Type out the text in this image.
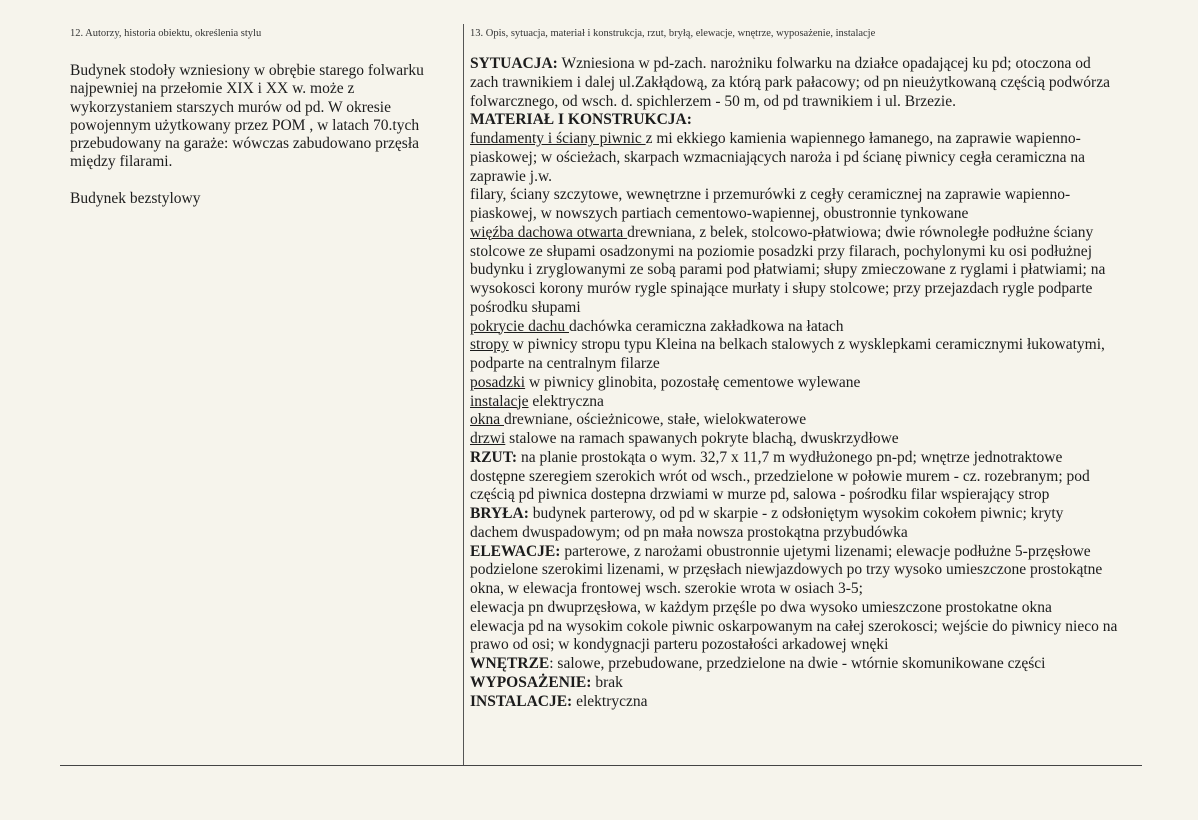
12. Autorzy, historia obiektu, określenia stylu	13. Opis, sytuacja, materiał i konstrukcja, rzut, bryłą, elewacje, wnętrze, wyposażenie, instalacje
Budynek stodoły wzniesiony w obrębie starego folwarku
najpewniej na przełomie XIX i XX w. może z
wykorzystaniem starszych murów od pd. W okresie
powojennym użytkowany przez POM , w latach 70.tych
przebudowany na garaże: wówczas zabudowano przęsła
między filarami.
Budynek bezstylowy
SYTUACJA: Wzniesiona w pd-zach. narożniku folwarku na działce opadającej ku pd; otoczona od
zach trawnikiem i dalej ul.Zakłądową, za którą park pałacowy; od pn nieużytkowaną częścią podwórza
folwarcznego, od wsch. d. spichlerzem - 50 m, od pd trawnikiem i ul. Brzezie.
MATERIAŁ I KONSTRUKCJA:
fundamenty i ściany piwnic z mi ekkiego kamienia wapiennego łamanego, na zaprawie wapienno-
piaskowej; w ościeżach, skarpach wzmacniających naroża i pd ścianę piwnicy cegła ceramiczna na
zaprawie j.w.
filary, ściany szczytowe, wewnętrzne i przemurówki z cegły ceramicznej na zaprawie wapienno-
piaskowej, w nowszych partiach cementowo-wapiennej, obustronnie tynkowane
więźba dachowa otwarta drewniana, z belek, stolcowo-płatwiowa; dwie równoległe podłużne ściany
stolcowe ze słupami osadzonymi na poziomie posadzki przy filarach, pochylonymi ku osi podłużnej
budynku i zryglowanymi ze sobą parami pod płatwiami; słupy zmieczowane z ryglami i płatwiami; na
wysokosci korony murów rygle spinające murłaty i słupy stolcowe; przy przejazdach rygle podparte
pośrodku słupami
pokrycie dachu dachówka ceramiczna zakładkowa na łatach
stropy w piwnicy stropu typu Kleina na belkach stalowych z wysklepkami ceramicznymi łukowatymi,
podparte na centralnym filarze
posadzki w piwnicy glinobita, pozostałę cementowe wylewane
instalacje elektryczna
okna drewniane, ościeżnicowe, stałe, wielokwaterowe
drzwi stalowe na ramach spawanych pokryte blachą, dwuskrzydłowe
RZUT: na planie prostokąta o wym. 32,7 x 11,7 m wydłużonego pn-pd; wnętrze jednotraktowe
dostępne szeregiem szerokich wrót od wsch., przedzielone w połowie murem - cz. rozebranym; pod
częścią pd piwnica dostepna drzwiami w murze pd, salowa - pośrodku filar wspierający strop
BRYŁA: budynek parterowy, od pd w skarpie - z odsłoniętym wysokim cokołem piwnic; kryty
dachem dwuspadowym; od pn mała nowsza prostokątna przybudówka
ELEWACJE: parterowe, z narożami obustronnie ujetymi lizenami; elewacje podłużne 5-przęsłowe
podzielone szerokimi lizenami, w przęsłach niewjazdowych po trzy wysoko umieszczone prostokątne
okna, w elewacja frontowej wsch. szerokie wrota w osiach 3-5;
elewacja pn dwuprzęsłowa, w każdym przęśle po dwa wysoko umieszczone prostokatne okna
elewacja pd na wysokim cokole piwnic oskarpowanym na całej szerokosci; wejście do piwnicy nieco na
prawo od osi; w kondygnacji parteru pozostałości arkadowej wnęki
WNĘTRZE: salowe, przebudowane, przedzielone na dwie - wtórnie skomunikowane części
WYPOSAŻENIE: brak
INSTALACJE: elektryczna
